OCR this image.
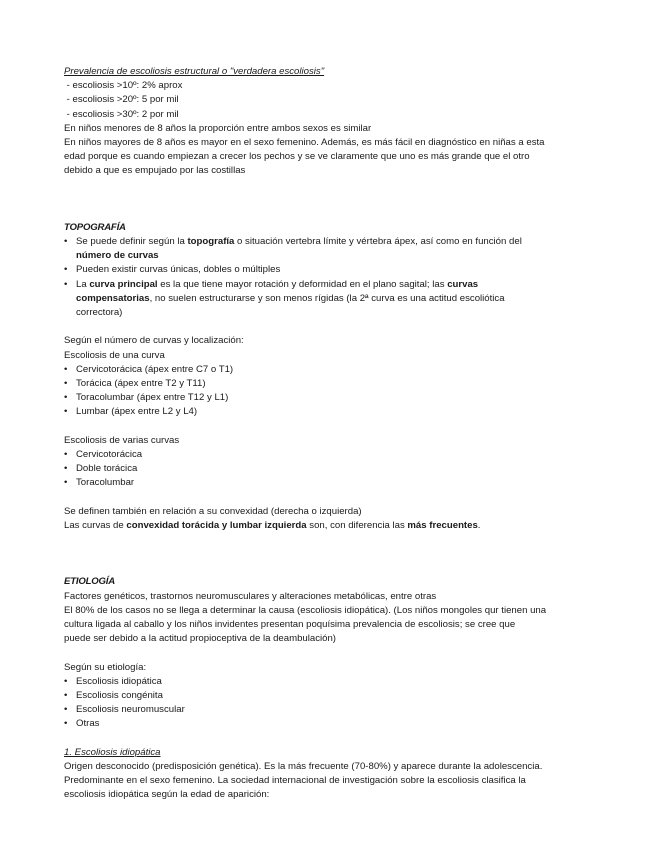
Prevalencia de escoliosis estructural o "verdadera escoliosis"

- escoliosis >10º: 2% aprox

- escoliosis >20º: 5 por mil

- escoliosis >30º: 2 por mil

En niños menores de 8 años la proporción entre ambos sexos es similar

En niños mayores de 8 años es mayor en el sexo femenino. Además, es más fácil en diagnóstico en niñas a esta

edad porque es cuando empiezan a crecer los pechos y se ve claramente que uno es más grande que el otro

debido a que es empujado por las costillas

TOPOGRAFÍA

• Se puede definir según la topografía o situación vertebra límite y vértebra ápex, así como en función del
número de curvas
• Pueden existir curvas únicas, dobles o múltiples
• La curva principal es la que tiene mayor rotación y deformidad en el plano sagital; las curvas
compensatorias, no suelen estructurarse y son menos rígidas (la 2ª curva es una actitud escoliótica
correctora)

Según el número de curvas y localización:

Escoliosis de una curva

• Cervicotorácica (ápex entre C7 o T1)
• Torácica (ápex entre T2 y T11)
• Toracolumbar (ápex entre T12 y L1)
• Lumbar (ápex entre L2 y L4)

Escoliosis de varias curvas

• Cervicotorácica
• Doble torácica
• Toracolumbar

Se definen también en relación a su convexidad (derecha o izquierda)

Las curvas de convexidad torácida y lumbar izquierda son, con diferencia las más frecuentes.

ETIOLOGÍA

Factores genéticos, trastornos neuromusculares y alteraciones metabólicas, entre otras

El 80% de los casos no se llega a determinar la causa (escoliosis idiopática). (Los niños mongoles qur tienen una

cultura ligada al caballo y los niños invidentes presentan poquísima prevalencia de escoliosis; se cree que

puede ser debido a la actitud propioceptiva de la deambulación)

Según su etiología:

• Escoliosis idiopática
• Escoliosis congénita
• Escoliosis neuromuscular
• Otras

1. Escoliosis idiopática

Origen desconocido (predisposición genética). Es la más frecuente (70-80%) y aparece durante la adolescencia.

Predominante en el sexo femenino. La sociedad internacional de investigación sobre la escoliosis clasifica la

escoliosis idiopática según la edad de aparición:
